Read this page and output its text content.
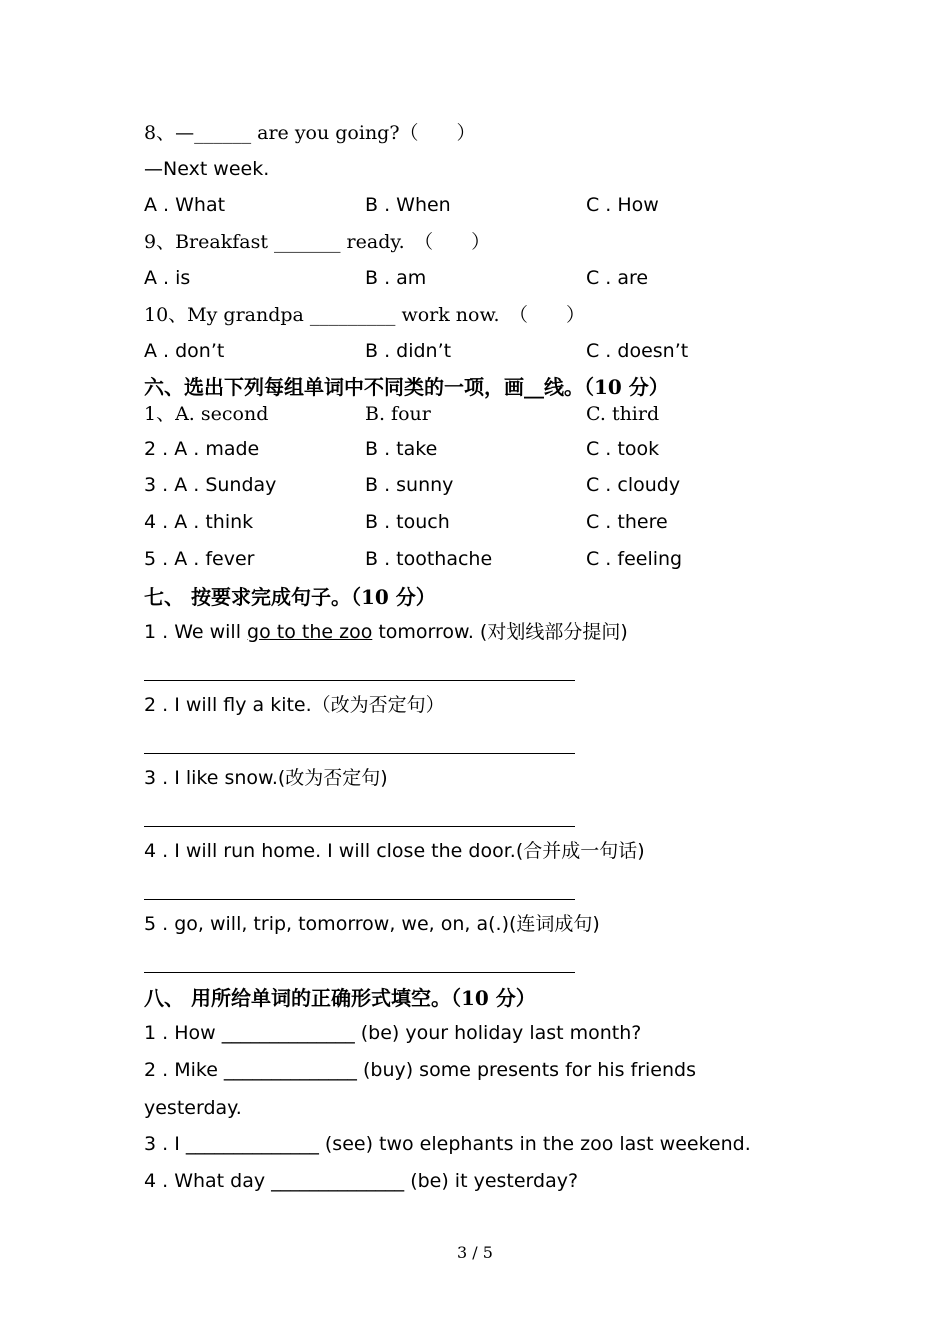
8、—______ are you going?（　　）
—Next week.
A . What	B . When	C . How
9、Breakfast _______ ready.　（　　）
A . is	B . am	C . are
10、My grandpa _________ work now.　（　　）
A . don’t	B . didn’t	C . doesn’t
六、选出下列每组单词中不同类的一项，画__线。（10 分）
1、A. second	B. four	C. third
2 . A . made	B . take	C . took
3 . A . Sunday	B . sunny	C . cloudy
4 . A . think	B . touch	C . there
5 . A . fever	B . toothache	C . feeling
七、 按要求完成句子。（10 分）
1 . We will go to the zoo tomorrow. (对划线部分提问)
2 . I will fly a kite.（改为否定句）
3 . I like snow.(改为否定句)
4 . I will run home. I will close the door.(合并成一句话)
5 . go, will, trip, tomorrow, we, on, a(.)(连词成句)
八、 用所给单词的正确形式填空。（10 分）
1 . How ______________ (be) your holiday last month?
2 . Mike ______________ (buy) some presents for his friends
yesterday.
3 . I ______________ (see) two elephants in the zoo last weekend.
4 . What day ______________ (be) it yesterday?
3 / 5
